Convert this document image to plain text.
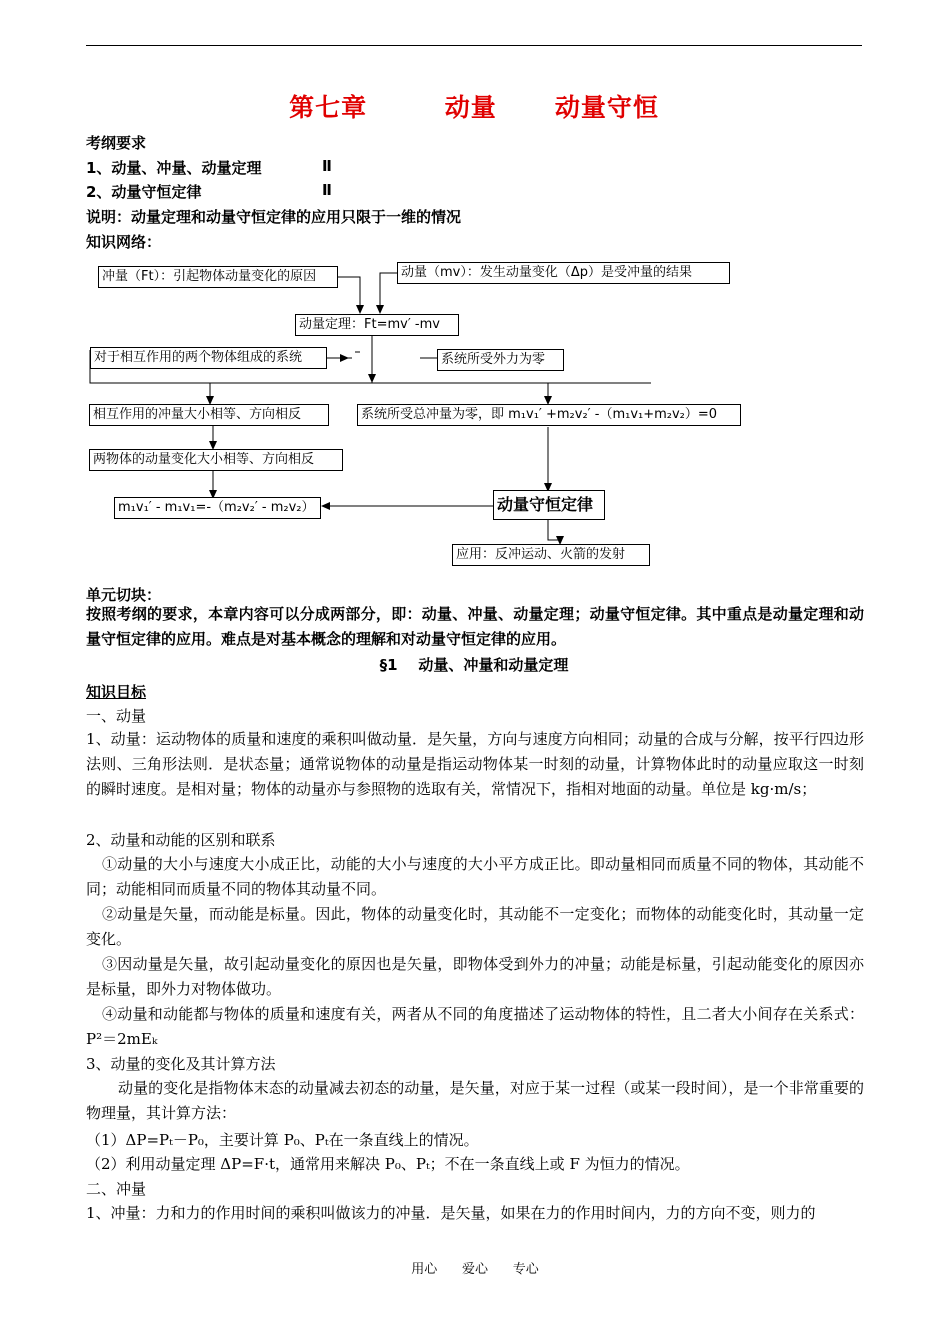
第七章        动量      动量守恒
考纲要求
1、动量、冲量、动量定理	Ⅱ
2、动量守恒定律	Ⅱ
说明：动量定理和动量守恒定律的应用只限于一维的情况
知识网络：
冲量（Ft）：引起物体动量变化的原因	动量（mv）：发生动量变化（Δp）是受冲量的结果
动量定理：Ft=mv′ -mv
对于相互作用的两个物体组成的系统	系统所受外力为零
相互作用的冲量大小相等、方向相反	系统所受总冲量为零，即 m₁v₁′ +m₂v₂′ -（m₁v₁+m₂v₂）=0
两物体的动量变化大小相等、方向相反
m₁v₁′ - m₁v₁=-（m₂v₂′ - m₂v₂）	动量守恒定律
应用：反冲运动、火箭的发射
单元切块：
按照考纲的要求，本章内容可以分成两部分，即：动量、冲量、动量定理；动量守恒定律。其中重点是动量定理和动量守恒定律的应用。难点是对基本概念的理解和对动量守恒定律的应用。
§1    动量、冲量和动量定理
知识目标
一、动量
1、动量：运动物体的质量和速度的乘积叫做动量．是矢量，方向与速度方向相同；动量的合成与分解，按平行四边形法则、三角形法则．是状态量；通常说物体的动量是指运动物体某一时刻的动量，计算物体此时的动量应取这一时刻的瞬时速度。是相对量；物体的动量亦与参照物的选取有关，常情况下，指相对地面的动量。单位是 kg·m/s；
2、动量和动能的区别和联系
①动量的大小与速度大小成正比，动能的大小与速度的大小平方成正比。即动量相同而质量不同的物体，其动能不同；动能相同而质量不同的物体其动量不同。
②动量是矢量，而动能是标量。因此，物体的动量变化时，其动能不一定变化；而物体的动能变化时，其动量一定变化。
③因动量是矢量，故引起动量变化的原因也是矢量，即物体受到外力的冲量；动能是标量，引起动能变化的原因亦是标量，即外力对物体做功。
④动量和动能都与物体的质量和速度有关，两者从不同的角度描述了运动物体的特性，且二者大小间存在关系式：P²＝2mEₖ
3、动量的变化及其计算方法
动量的变化是指物体末态的动量减去初态的动量，是矢量，对应于某一过程（或某一段时间），是一个非常重要的物理量，其计算方法：
（1）ΔP=Pₜ－P₀，主要计算 P₀、Pₜ在一条直线上的情况。
（2）利用动量定理 ΔP=F·t，通常用来解决 P₀、Pₜ；不在一条直线上或 F 为恒力的情况。
二、冲量
1、冲量：力和力的作用时间的乘积叫做该力的冲量．是矢量，如果在力的作用时间内，力的方向不变，则力的
用心      爱心      专心
